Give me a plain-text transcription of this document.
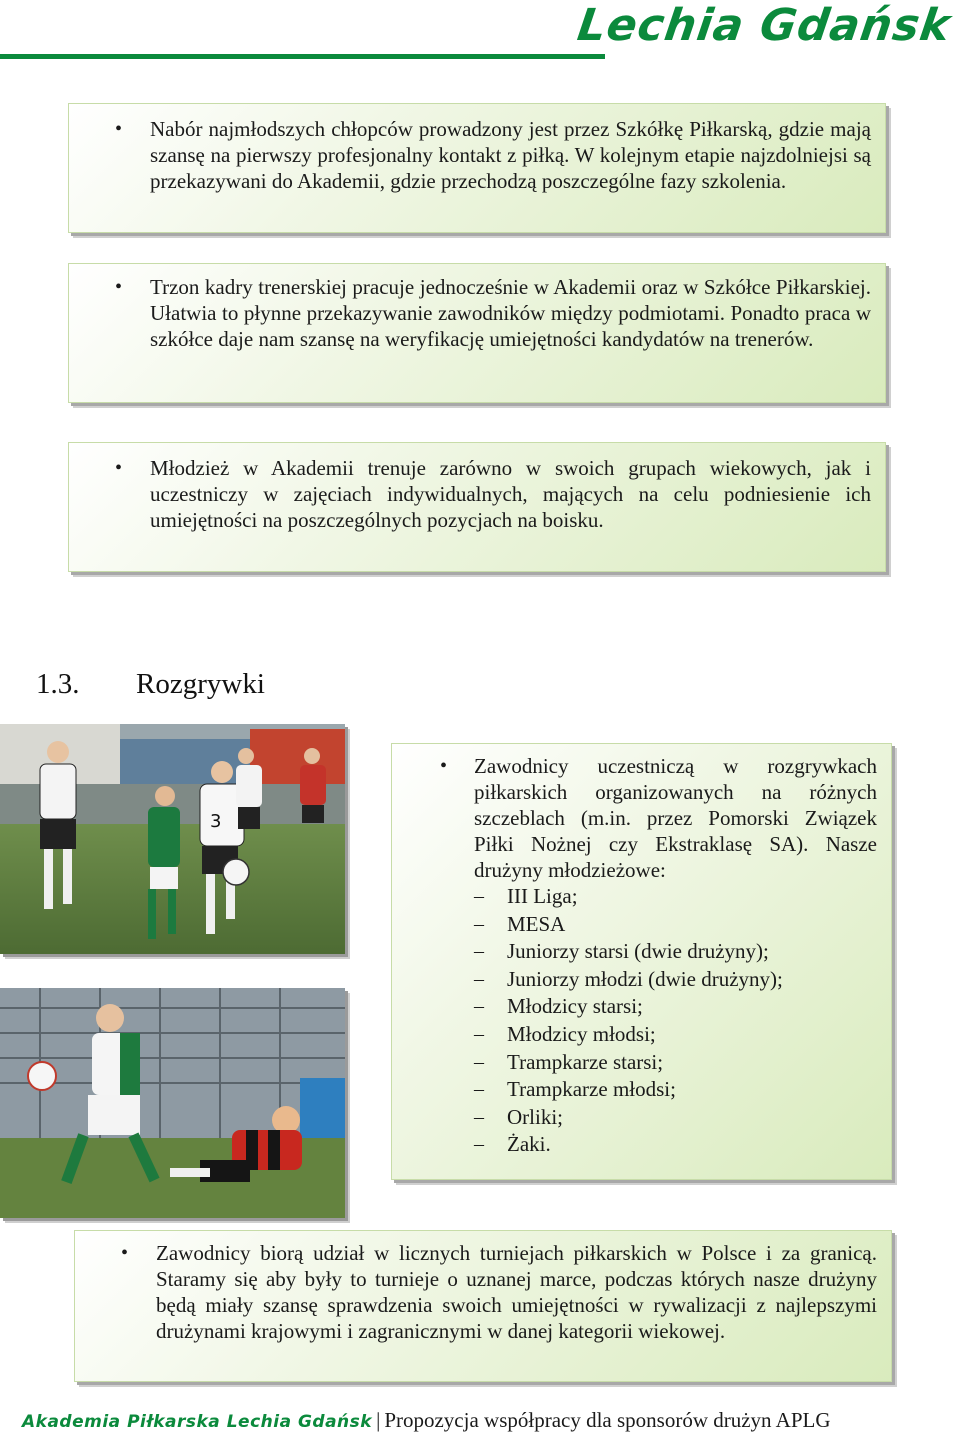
Lechia Gdańsk
• Nabór najmłodszych chłopców prowadzony jest przez Szkółkę Piłkarską, gdzie mają szansę na pierwszy profesjonalny kontakt z piłką. W kolejnym etapie najzdolniejsi są przekazywani do Akademii, gdzie przechodzą poszczególne fazy szkolenia.
• Trzon kadry trenerskiej pracuje jednocześnie w Akademii oraz w Szkółce Piłkarskiej. Ułatwia to płynne przekazywanie zawodników między podmiotami. Ponadto praca w szkółce daje nam szansę na weryfikację umiejętności kandydatów na trenerów.
• Młodzież w Akademii trenuje zarówno w swoich grupach wiekowych, jak i uczestniczy w zajęciach indywidualnych, mających na celu podniesienie ich umiejętności na poszczególnych pozycjach na boisku.
1.3. Rozgrywki
3
• Zawodnicy uczestniczą w rozgrywkach piłkarskich organizowanych na różnych szczeblach (m.in. przez Pomorski Związek Piłki Nożnej czy Ekstraklasę SA). Nasze drużyny młodzieżowe:
– III Liga;
– MESA
– Juniorzy starsi (dwie drużyny);
– Juniorzy młodzi (dwie drużyny);
– Młodzicy starsi;
– Młodzicy młodsi;
– Trampkarze starsi;
– Trampkarze młodsi;
– Orliki;
– Żaki.
• Zawodnicy biorą udział w licznych turniejach piłkarskich w Polsce i za granicą. Staramy się aby były to turnieje o uznanej marce, podczas których nasze drużyny będą miały szansę sprawdzenia swoich umiejętności w rywalizacji z najlepszymi drużynami krajowymi i zagranicznymi w danej kategorii wiekowej.
Akademia Piłkarska Lechia Gdańsk | Propozycja współpracy dla sponsorów drużyn APLG
